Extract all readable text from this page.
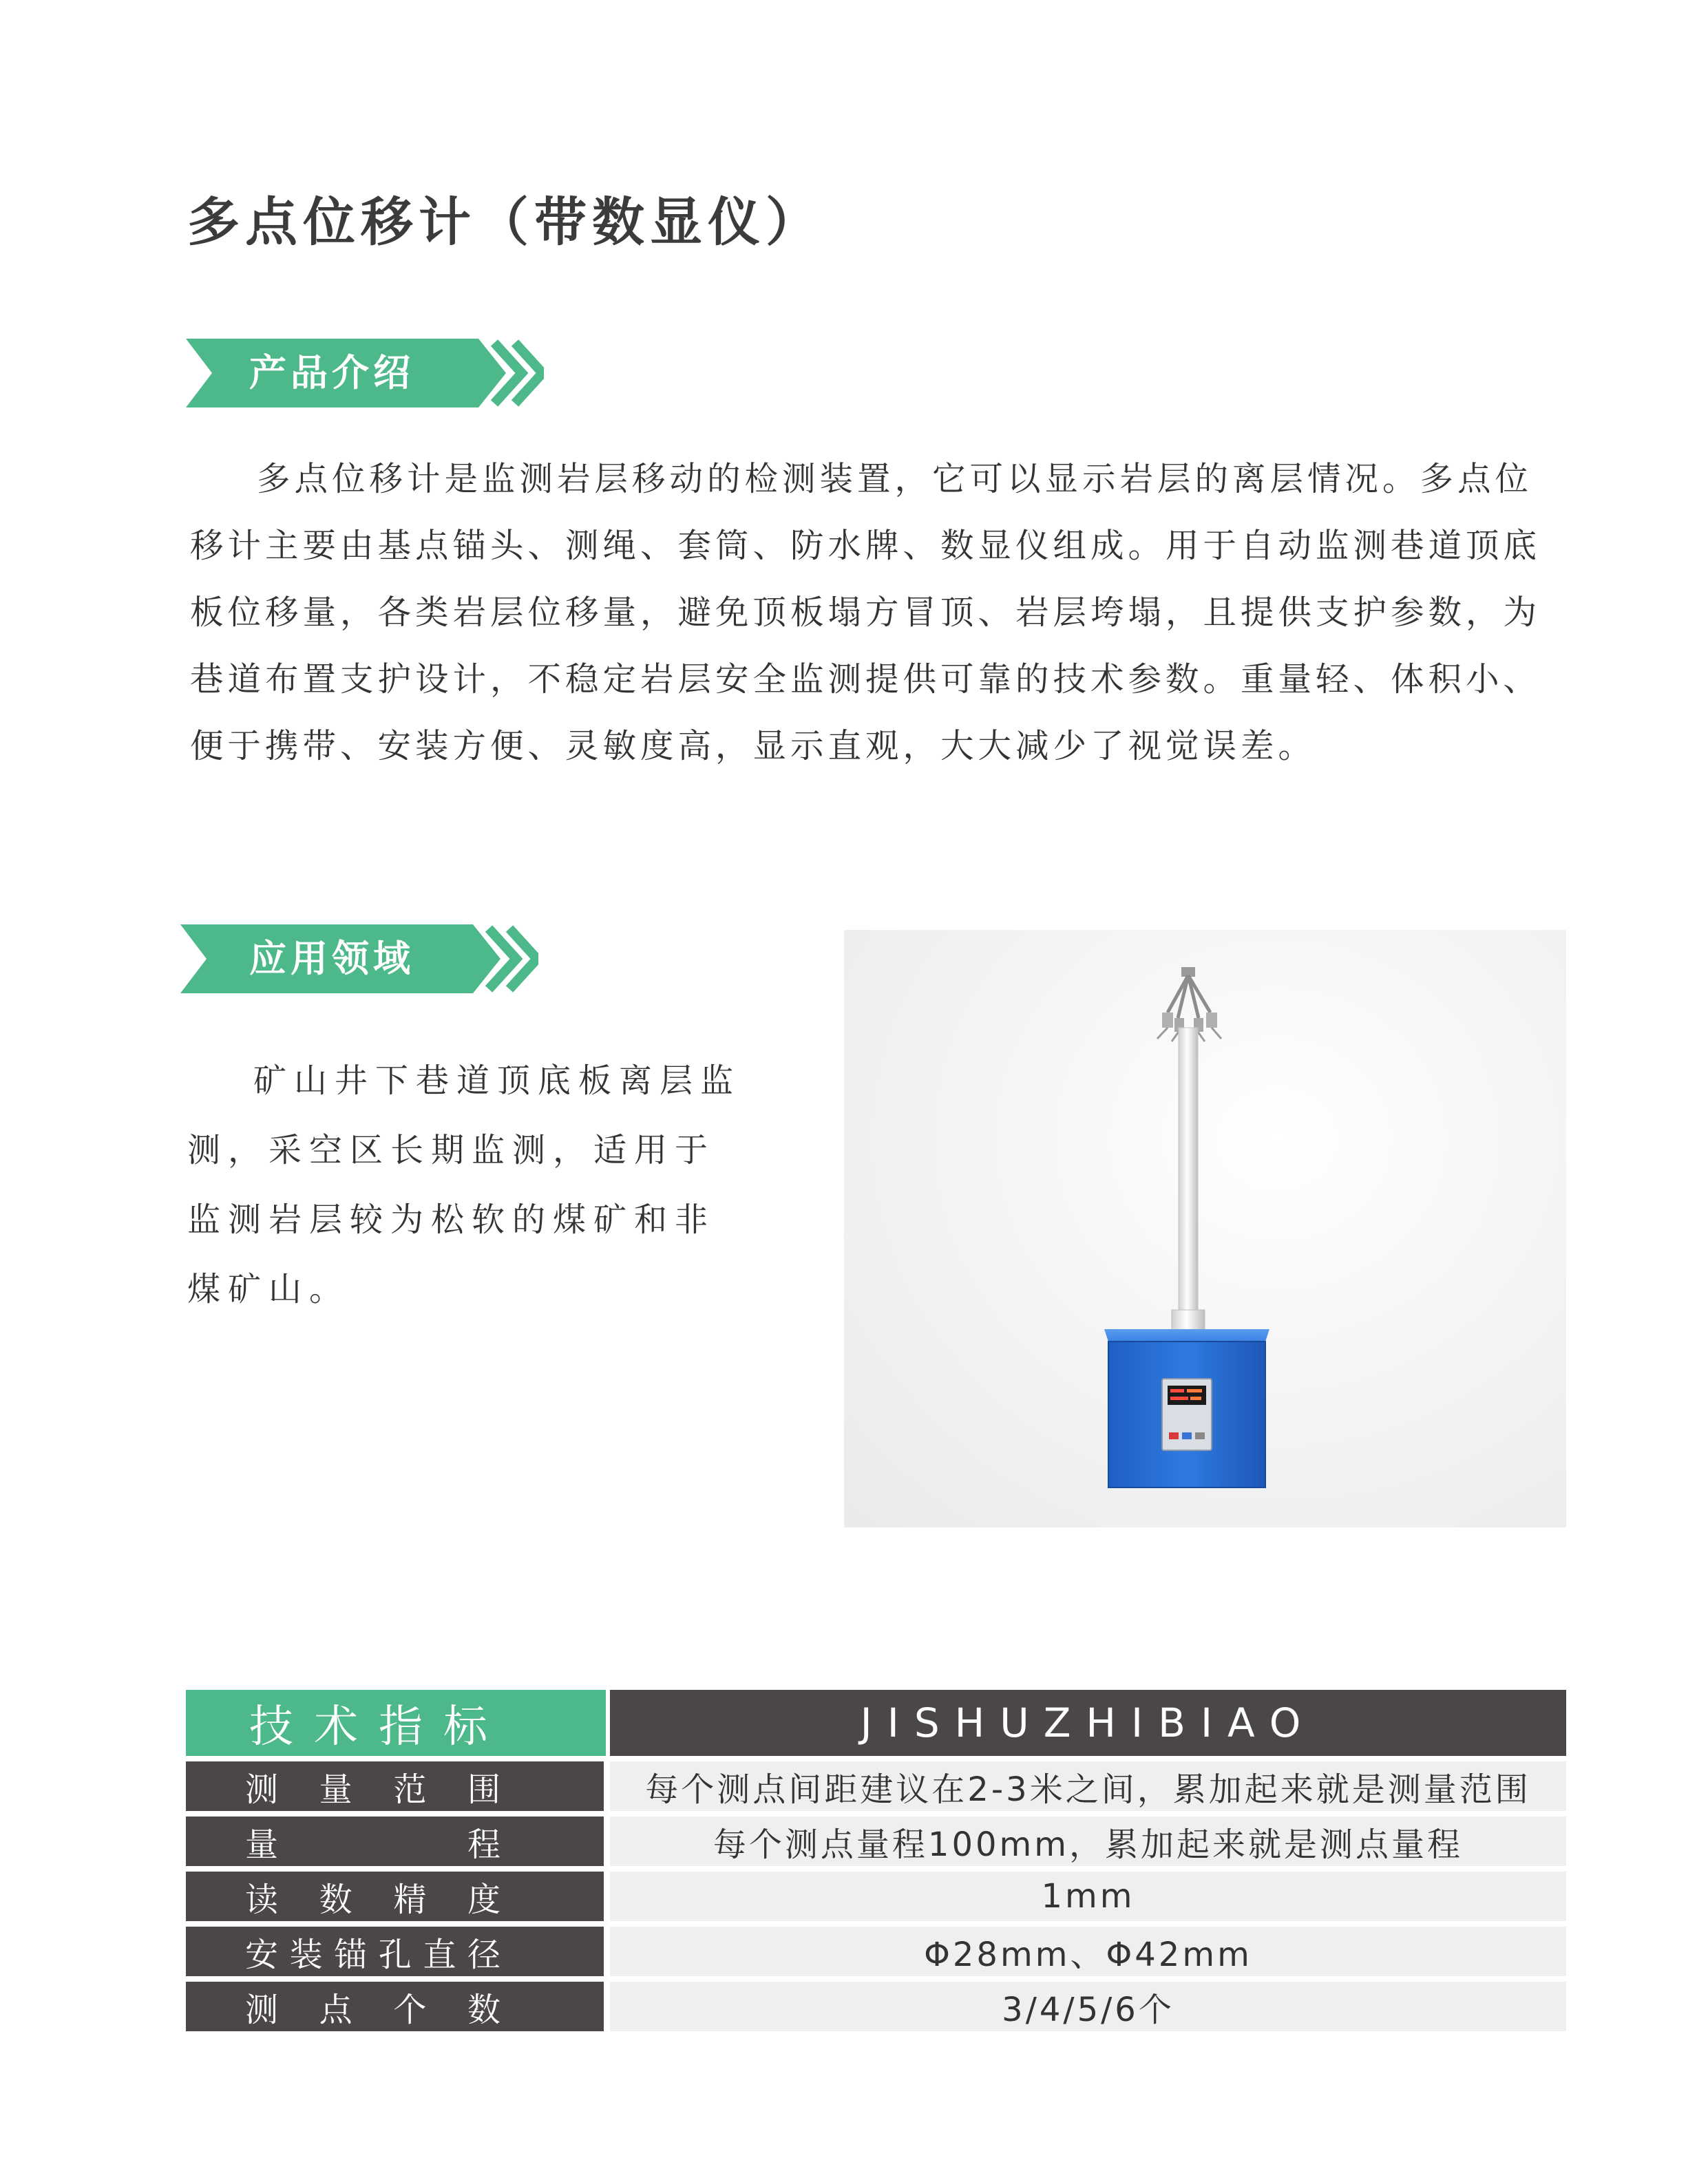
多点位移计（带数显仪）
产品介绍

多点位移计是监测岩层移动的检测装置，它可以显示岩层的离层情况。多点位移计主要由基点锚头、测绳、套筒、防水牌、数显仪组成。用于自动监测巷道顶底板位移量，各类岩层位移量，避免顶板塌方冒顶、岩层垮塌，且提供支护参数，为巷道布置支护设计，不稳定岩层安全监测提供可靠的技术参数。重量轻、体积小、便于携带、安装方便、灵敏度高，显示直观，大大减少了视觉误差。

应用领域

矿山井下巷道顶底板离层监测，采空区长期监测，适用于监测岩层较为松软的煤矿和非煤矿山。

技术指标	JISHUZHIBIAO
测量范围	每个测点间距建议在2-3米之间，累加起来就是测量范围
量程	每个测点量程100mm，累加起来就是测点量程
读数精度	1mm
安装锚孔直径	Φ28mm、Φ42mm
测点个数	3/4/5/6个
